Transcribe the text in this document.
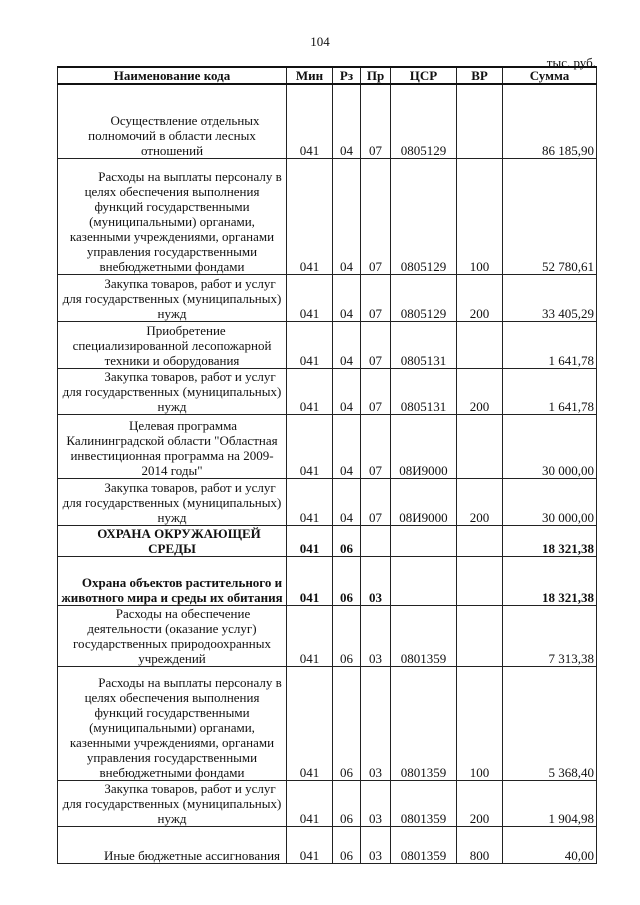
104
тыс. руб.
Наименование кода	Мин	Рз	Пр	ЦСР	ВР	Сумма
Осуществление отдельных полномочий в области лесных отношений	041	04	07	0805129		86 185,90
Расходы на выплаты персоналу в целях обеспечения выполнения функций государственными (муниципальными) органами, казенными учреждениями, органами управления государственными внебюджетными фондами	041	04	07	0805129	100	52 780,61
Закупка товаров, работ и услуг для государственных (муниципальных) нужд	041	04	07	0805129	200	33 405,29
Приобретение специализированной лесопожарной техники и оборудования	041	04	07	0805131		1 641,78
Закупка товаров, работ и услуг для государственных (муниципальных) нужд	041	04	07	0805131	200	1 641,78
Целевая программа Калининградской области "Областная инвестиционная программа на 2009-2014 годы"	041	04	07	08И9000		30 000,00
Закупка товаров, работ и услуг для государственных (муниципальных) нужд	041	04	07	08И9000	200	30 000,00
ОХРАНА ОКРУЖАЮЩЕЙ СРЕДЫ	041	06				18 321,38
Охрана объектов растительного и животного мира и среды их обитания	041	06	03			18 321,38
Расходы на обеспечение деятельности (оказание услуг) государственных природоохранных учреждений	041	06	03	0801359		7 313,38
Расходы на выплаты персоналу в целях обеспечения выполнения функций государственными (муниципальными) органами, казенными учреждениями, органами управления государственными внебюджетными фондами	041	06	03	0801359	100	5 368,40
Закупка товаров, работ и услуг для государственных (муниципальных) нужд	041	06	03	0801359	200	1 904,98
Иные бюджетные ассигнования	041	06	03	0801359	800	40,00
